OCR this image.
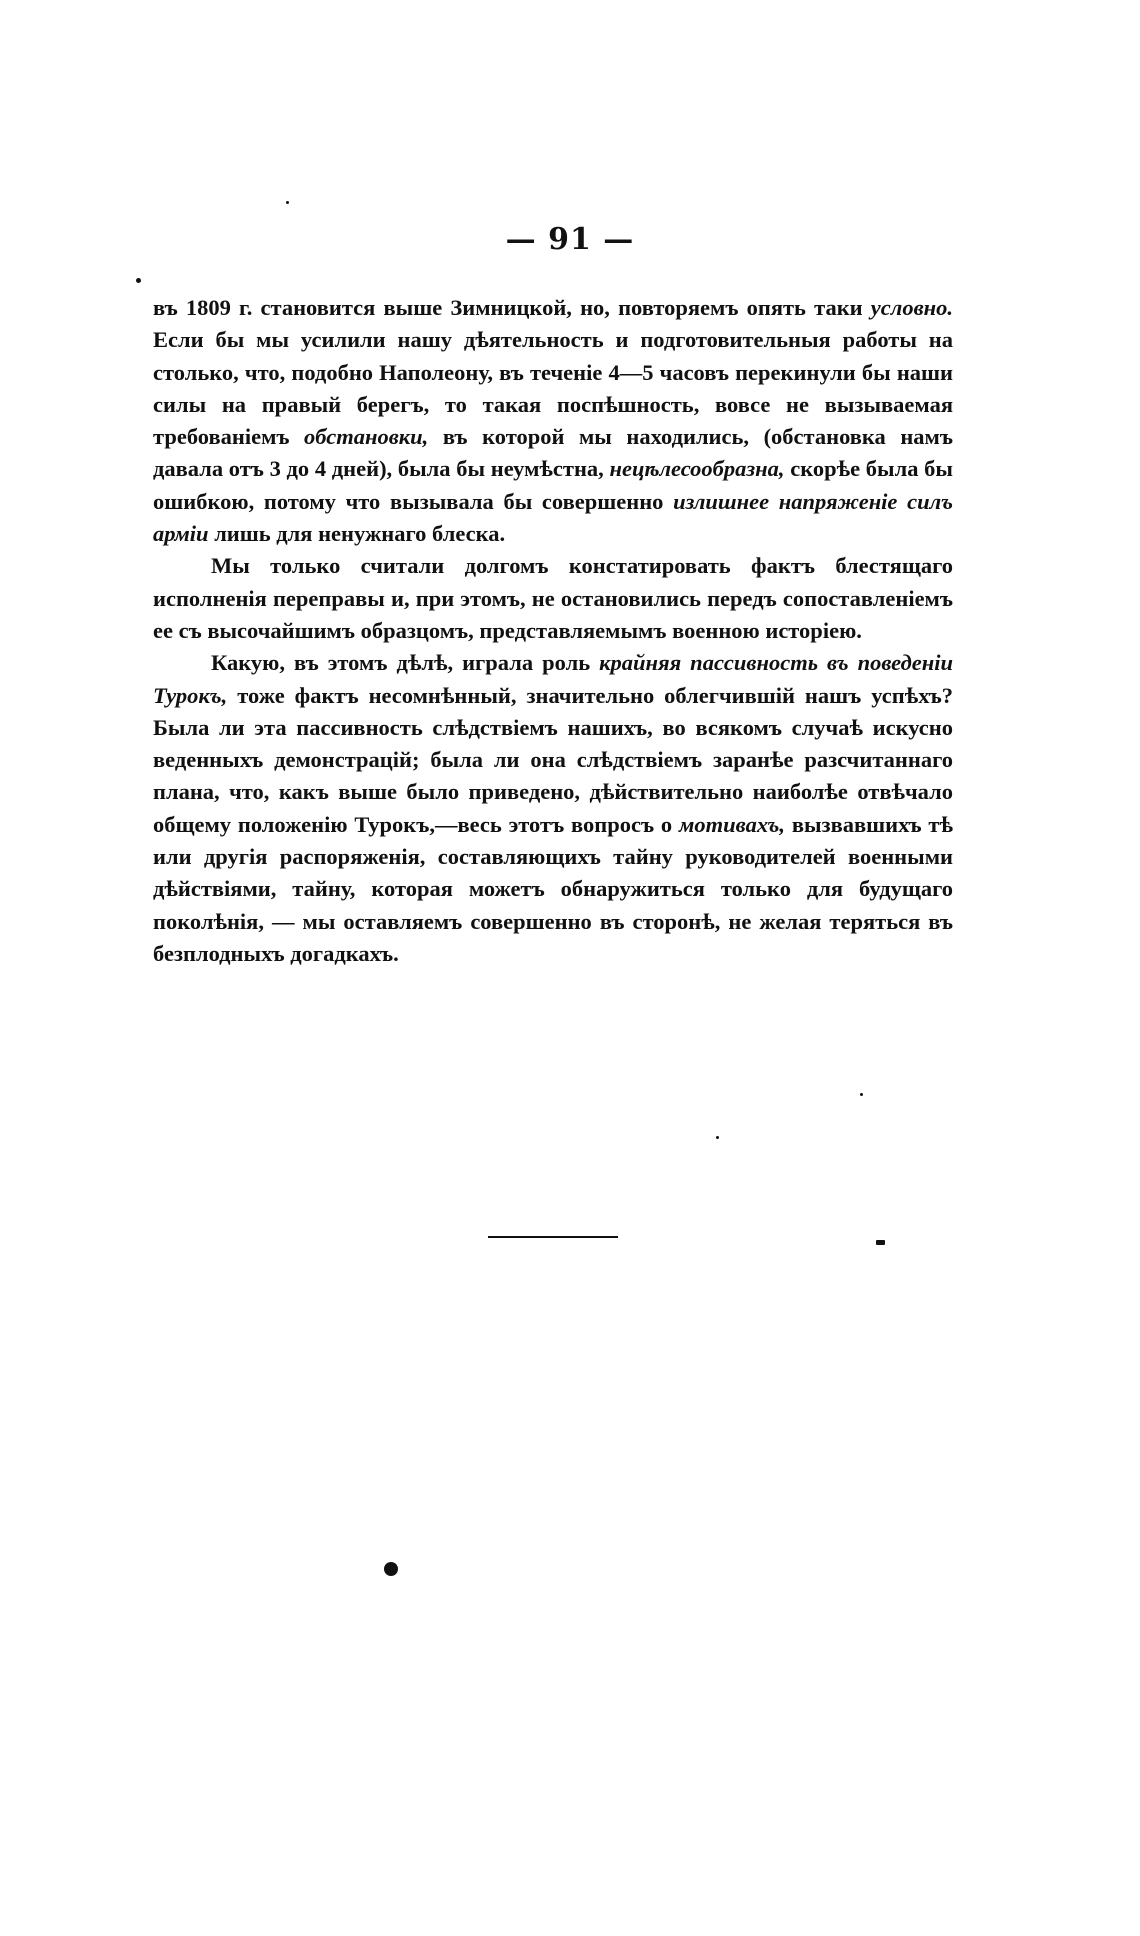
— 91 —

въ 1809 г. становится выше Зимницкой, но, повторяемъ опять таки условно. Если бы мы усилили нашу дѣятельность и подготовительныя работы на столько, что, подобно Наполеону, въ теченіе 4—5 часовъ перекинули бы наши силы на правый берегъ, то такая поспѣшность, вовсе не вызываемая требованіемъ обстановки, въ которой мы находились, (обстановка намъ давала отъ 3 до 4 дней), была бы неумѣстна, нецѣлесообразна, скорѣе была бы ошибкою, потому что вызывала бы совершенно излишнее напряженіе силъ арміи лишь для ненужнаго блеска.

Мы только считали долгомъ констатировать фактъ блестящаго исполненія переправы и, при этомъ, не остановились передъ сопоставленіемъ ее съ высочайшимъ образцомъ, представляемымъ военною исторіею.

Какую, въ этомъ дѣлѣ, играла роль крайняя пассивность въ поведеніи Турокъ, тоже фактъ несомнѣнный, значительно облегчившій нашъ успѣхъ? Была ли эта пассивность слѣдствіемъ нашихъ, во всякомъ случаѣ искусно веденныхъ демонстрацій; была ли она слѣдствіемъ заранѣе разсчитаннаго плана, что, какъ выше было приведено, дѣйствительно наиболѣе отвѣчало общему положенію Турокъ,—весь этотъ вопросъ о мотивахъ, вызвавшихъ тѣ или другія распоряженія, составляющихъ тайну руководителей военными дѣйствіями, тайну, которая можетъ обнаружиться только для будущаго поколѣнія, — мы оставляемъ совершенно въ сторонѣ, не желая теряться въ безплодныхъ догадкахъ.
